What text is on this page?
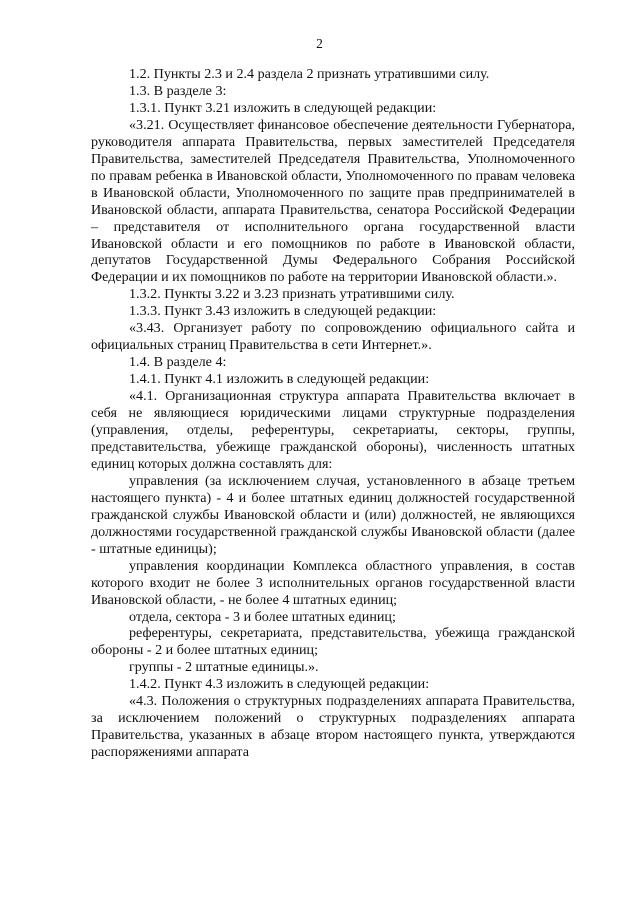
2

1.2. Пункты 2.3 и 2.4 раздела 2 признать утратившими силу.

1.3. В разделе 3:

1.3.1. Пункт 3.21 изложить в следующей редакции:

«3.21. Осуществляет финансовое обеспечение деятельности Губернатора, руководителя аппарата Правительства, первых заместителей Председателя Правительства, заместителей Председателя Правительства, Уполномоченного по правам ребенка в Ивановской области, Уполномоченного по правам человека в Ивановской области, Уполномоченного по защите прав предпринимателей в Ивановской области, аппарата Правительства, сенатора Российской Федерации – представителя от исполнительного органа государственной власти Ивановской области и его помощников по работе в Ивановской области, депутатов Государственной Думы Федерального Собрания Российской Федерации и их помощников по работе на территории Ивановской области.».

1.3.2. Пункты 3.22 и 3.23 признать утратившими силу.

1.3.3. Пункт 3.43 изложить в следующей редакции:

«3.43. Организует работу по сопровождению официального сайта и официальных страниц Правительства в сети Интернет.».

1.4. В разделе 4:

1.4.1. Пункт 4.1 изложить в следующей редакции:

«4.1. Организационная структура аппарата Правительства включает в себя не являющиеся юридическими лицами структурные подразделения (управления, отделы, референтуры, секретариаты, секторы, группы, представительства, убежище гражданской обороны), численность штатных единиц которых должна составлять для:

управления (за исключением случая, установленного в абзаце третьем настоящего пункта) - 4 и более штатных единиц должностей государственной гражданской службы Ивановской области и (или) должностей, не являющихся должностями государственной гражданской службы Ивановской области (далее - штатные единицы);

управления координации Комплекса областного управления, в состав которого входит не более 3 исполнительных органов государственной власти Ивановской области, - не более 4 штатных единиц;

отдела, сектора - 3 и более штатных единиц;

референтуры, секретариата, представительства, убежища гражданской обороны - 2 и более штатных единиц;

группы - 2 штатные единицы.».

1.4.2. Пункт 4.3 изложить в следующей редакции:

«4.3. Положения о структурных подразделениях аппарата Правительства, за исключением положений о структурных подразделениях аппарата Правительства, указанных в абзаце втором настоящего пункта, утверждаются распоряжениями аппарата
